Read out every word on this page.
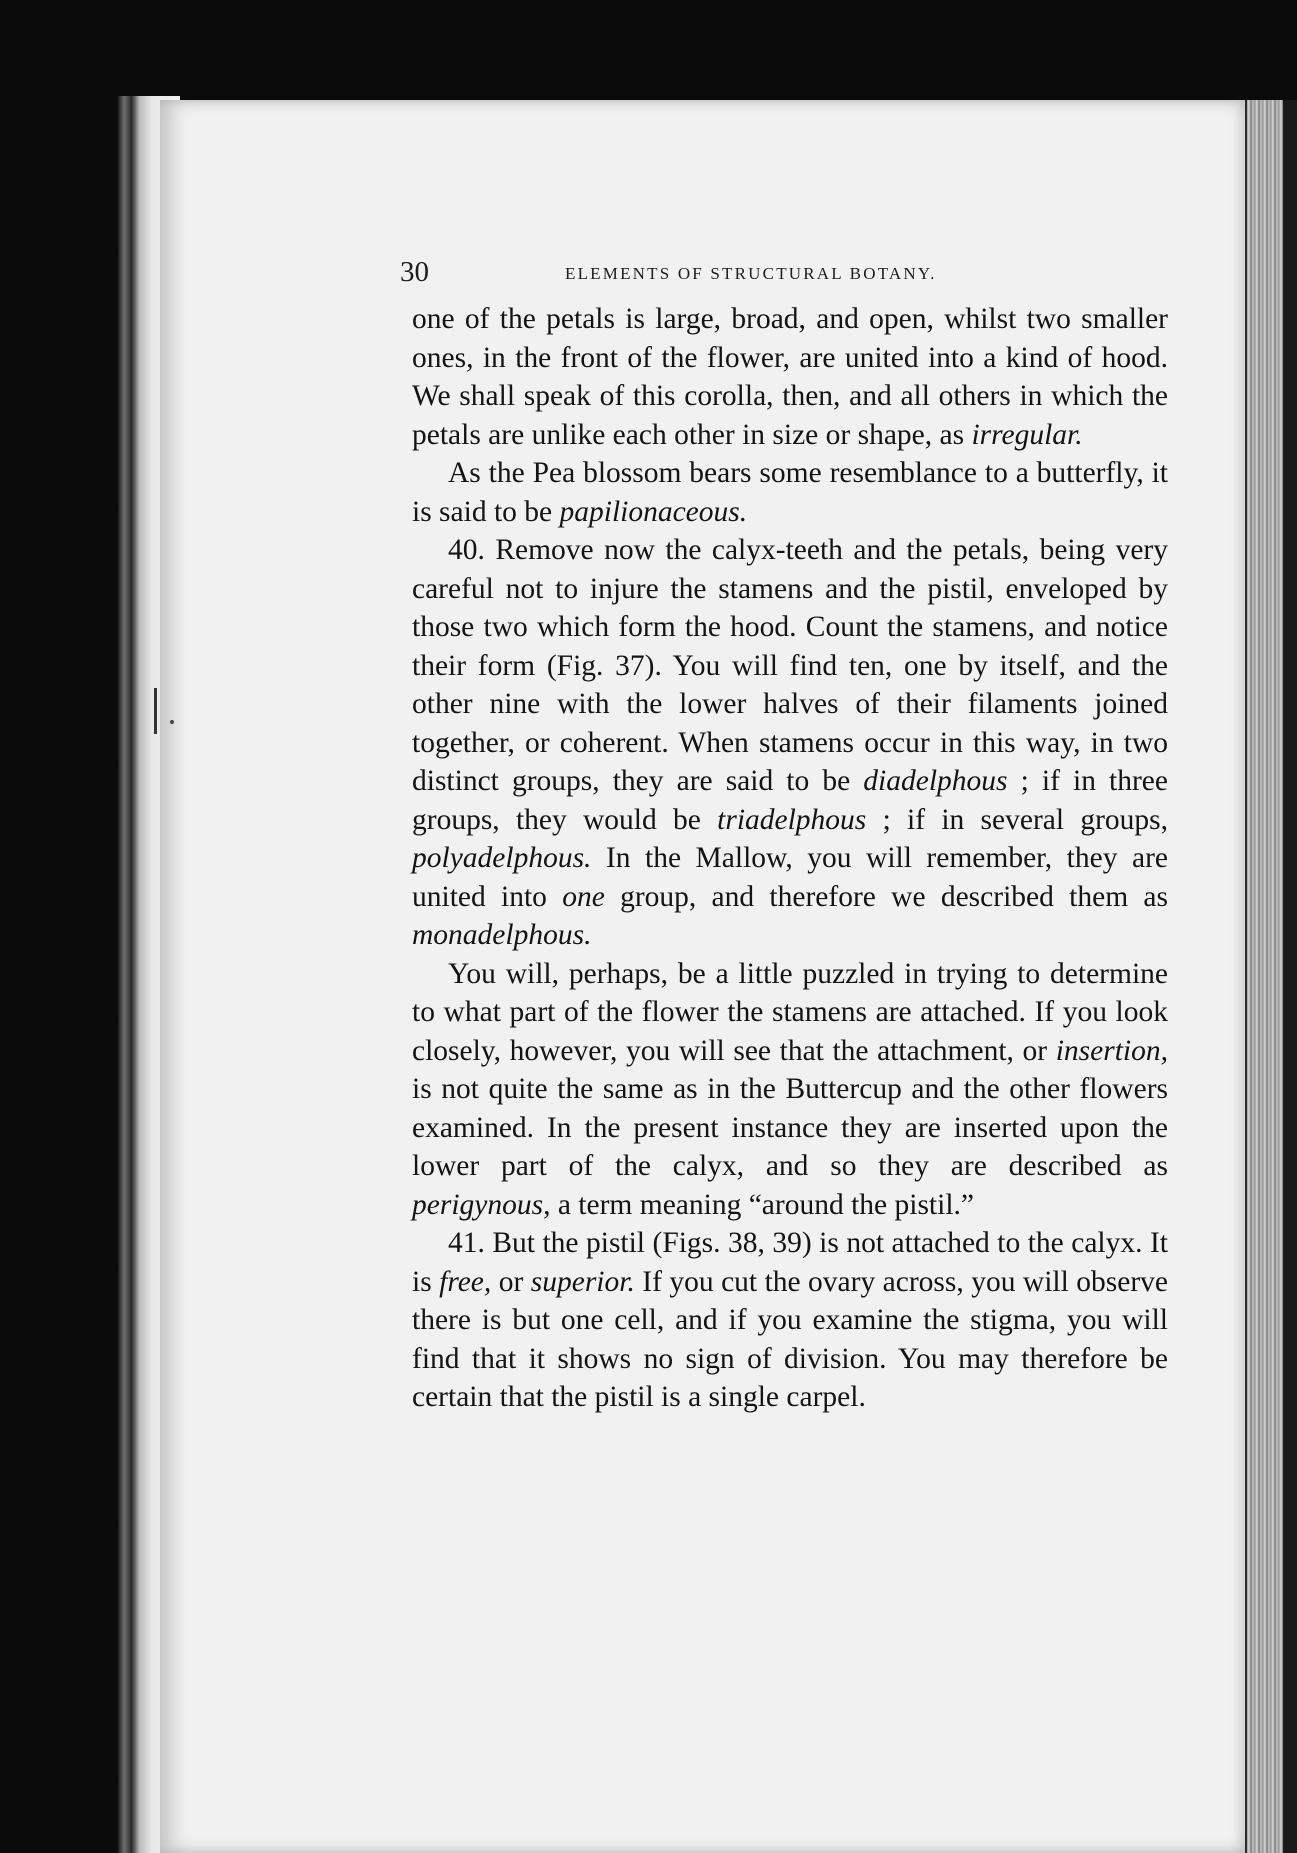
30	ELEMENTS OF STRUCTURAL BOTANY.

one of the petals is large, broad, and open, whilst two smaller ones, in the front of the flower, are united into a kind of hood. We shall speak of this corolla, then, and all others in which the petals are unlike each other in size or shape, as irregular.

As the Pea blossom bears some resemblance to a butterfly, it is said to be papilionaceous.

40. Remove now the calyx-teeth and the petals, being very careful not to injure the stamens and the pistil, enveloped by those two which form the hood. Count the stamens, and notice their form (Fig. 37). You will find ten, one by itself, and the other nine with the lower halves of their filaments joined together, or coherent. When stamens occur in this way, in two distinct groups, they are said to be diadelphous ; if in three groups, they would be triadelphous ; if in several groups, polyadelphous. In the Mallow, you will remember, they are united into one group, and therefore we described them as monadelphous.

You will, perhaps, be a little puzzled in trying to determine to what part of the flower the stamens are attached. If you look closely, however, you will see that the attachment, or insertion, is not quite the same as in the Buttercup and the other flowers examined. In the present instance they are inserted upon the lower part of the calyx, and so they are described as perigynous, a term meaning “around the pistil.”

41. But the pistil (Figs. 38, 39) is not attached to the calyx. It is free, or superior. If you cut the ovary across, you will observe there is but one cell, and if you examine the stigma, you will find that it shows no sign of division. You may therefore be certain that the pistil is a single carpel.
